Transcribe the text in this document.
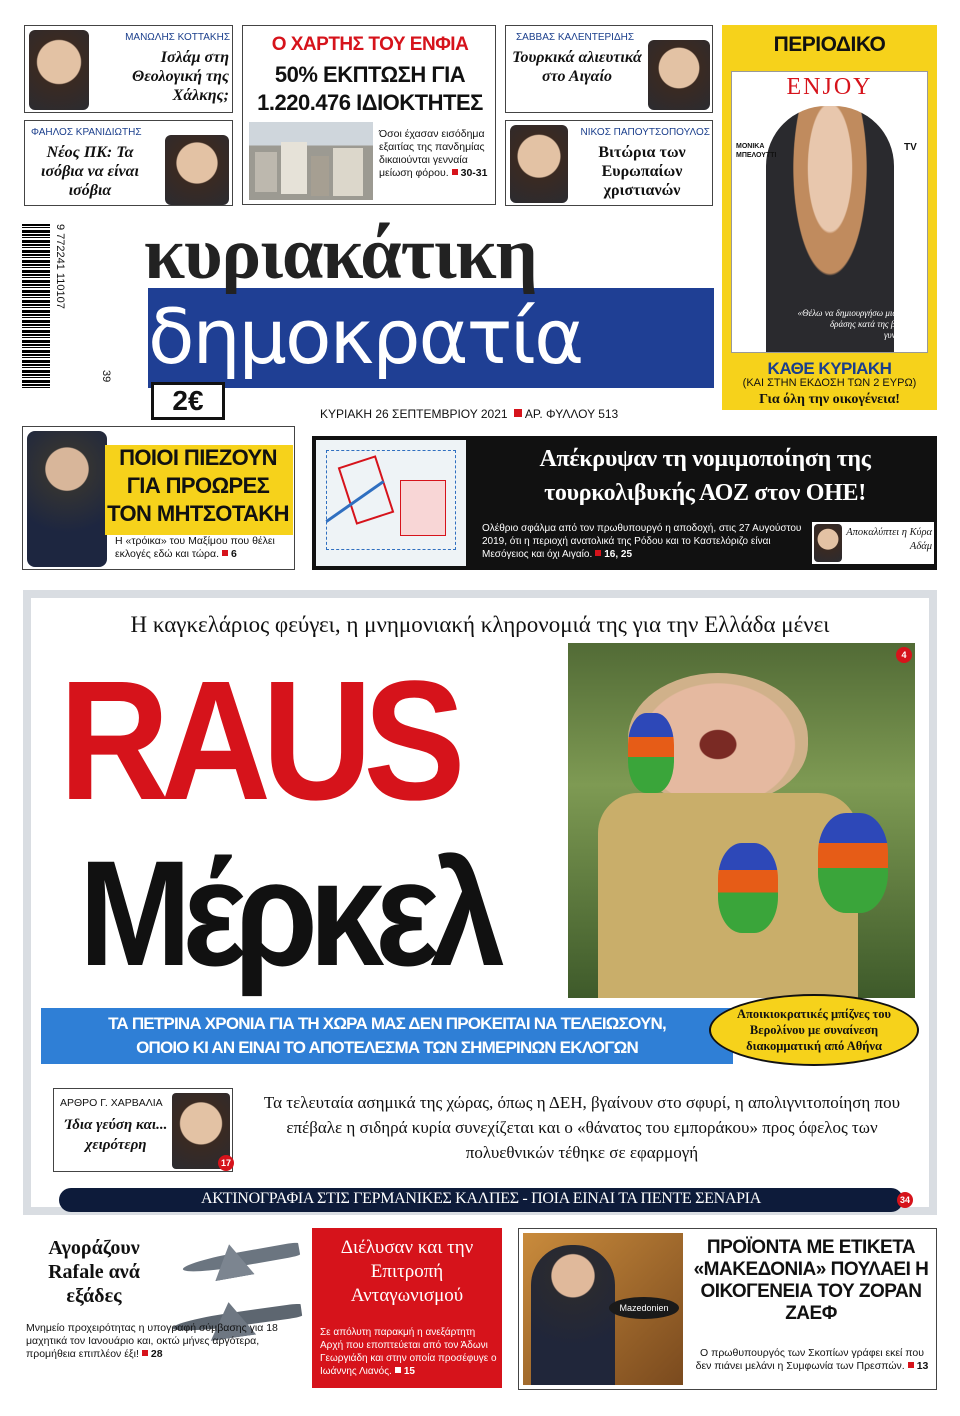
ΜΑΝΩΛΗΣ ΚΟΤΤΑΚΗΣ
Ισλάμ στη Θεολογική της Χάλκης;
ΦΑΗΛΟΣ ΚΡΑΝΙΔΙΩΤΗΣ
Νέος ΠΚ: Τα ισόβια να είναι ισόβια
Ο ΧΑΡΤΗΣ ΤΟΥ ΕΝΦΙΑ
50% ΕΚΠΤΩΣΗ ΓΙΑ
1.220.476 ΙΔΙΟΚΤΗΤΕΣ
Όσοι έχασαν εισόδημα εξαιτίας της πανδημίας δικαιούνται γενναία μείωση φόρου. 30-31
ΣΑΒΒΑΣ ΚΑΛΕΝΤΕΡΙΔΗΣ
Τουρκικά αλιευτικά στο Αιγαίο
ΝΙΚΟΣ ΠΑΠΟΥΤΣΟΠΟΥΛΟΣ
Βιτώρια των Ευρωπαίων χριστιανών
ΠΕΡΙΟΔΙΚΟ
ENJOY
ΜΟΝΙΚΑ ΜΠΕΛΟΥΤΤΙ
TV
«Θέλω να δημιουργήσω μια ομάδα δράσης κατά της βίας των γυναικών»
ΚΑΘΕ ΚΥΡΙΑΚΗ
(ΚΑΙ ΣΤΗΝ ΕΚΔΟΣΗ ΤΩΝ 2 ΕΥΡΩ)
Για όλη την οικογένεια!
9 772241 110107
39
κυριακάτικη
δημοκρατία
2€	ΚΥΡΙΑΚΗ 26 ΣΕΠΤΕΜΒΡΙΟΥ 2021 ΑΡ. ΦΥΛΛΟΥ 513
ΠΟΙΟΙ ΠΙΕΖΟΥΝ
ΓΙΑ ΠΡΟΩΡΕΣ
ΤΟΝ ΜΗΤΣΟΤΑΚΗ
Η «τρόικα» του Μαξίμου που θέλει εκλογές εδώ και τώρα. 6
Απέκρυψαν τη νομιμοποίηση της
τουρκολιβυκής ΑΟΖ στον ΟΗΕ!
Ολέθριο σφάλμα από τον πρωθυπουργό η αποδοχή, στις 27 Αυγούστου 2019, ότι η περιοχή ανατολικά της Ρόδου και το Καστελόριζο είναι Μεσόγειος και όχι Αιγαίο. 16, 25
Αποκαλύπτει η Κύρα Αδάμ
Η καγκελάριος φεύγει, η μνημονιακή κληρονομιά της για την Ελλάδα μένει
RAUS
Μέρκελ
4
ΤΑ ΠΕΤΡΙΝΑ ΧΡΟΝΙΑ ΓΙΑ ΤΗ ΧΩΡΑ ΜΑΣ ΔΕΝ ΠΡΟΚΕΙΤΑΙ ΝΑ ΤΕΛΕΙΩΣΟΥΝ,
ΟΠΟΙΟ ΚΙ ΑΝ ΕΙΝΑΙ ΤΟ ΑΠΟΤΕΛΕΣΜΑ ΤΩΝ ΣΗΜΕΡΙΝΩΝ ΕΚΛΟΓΩΝ
Αποικιοκρατικές μπίζνες του Βερολίνου με συναίνεση διακομματική από Αθήνα
ΑΡΘΡΟ Γ. ΧΑΡΒΑΛΙΑ
Ίδια γεύση και... χειρότερη
17
Τα τελευταία ασημικά της χώρας, όπως η ΔΕΗ, βγαίνουν στο σφυρί, η απολιγνιτοποίηση που επέβαλε η σιδηρά κυρία συνεχίζεται και ο «θάνατος του εμποράκου» προς όφελος των πολυεθνικών τέθηκε σε εφαρμογή
ΑΚΤΙΝΟΓΡΑΦΙΑ ΣΤΙΣ ΓΕΡΜΑΝΙΚΕΣ ΚΑΛΠΕΣ - ΠΟΙΑ ΕΙΝΑΙ ΤΑ ΠΕΝΤΕ ΣΕΝΑΡΙΑ	34
Αγοράζουν Rafale ανά εξάδες
Μνημείο προχειρότητας η υπογραφή σύμβασης για 18 μαχητικά τον Ιανουάριο και, οκτώ μήνες αργότερα, προμήθεια επιπλέον έξι! 28
Διέλυσαν και την Επιτροπή Ανταγωνισμού
Σε απόλυτη παρακμή η ανεξάρτητη Αρχή που εποπτεύεται από τον Άδωνι Γεωργιάδη και στην οποία προσέφυγε ο Ιωάννης Λιανός. 15
Mazedonien
ΠΡΟΪΟΝΤΑ ΜΕ ΕΤΙΚΕΤΑ «ΜΑΚΕΔΟΝΙΑ» ΠΟΥΛΑΕΙ Η ΟΙΚΟΓΕΝΕΙΑ ΤΟΥ ΖΟΡΑΝ ΖΑΕΦ
Ο πρωθυπουργός των Σκοπίων γράφει εκεί που δεν πιάνει μελάνι η Συμφωνία των Πρεσπών. 13
